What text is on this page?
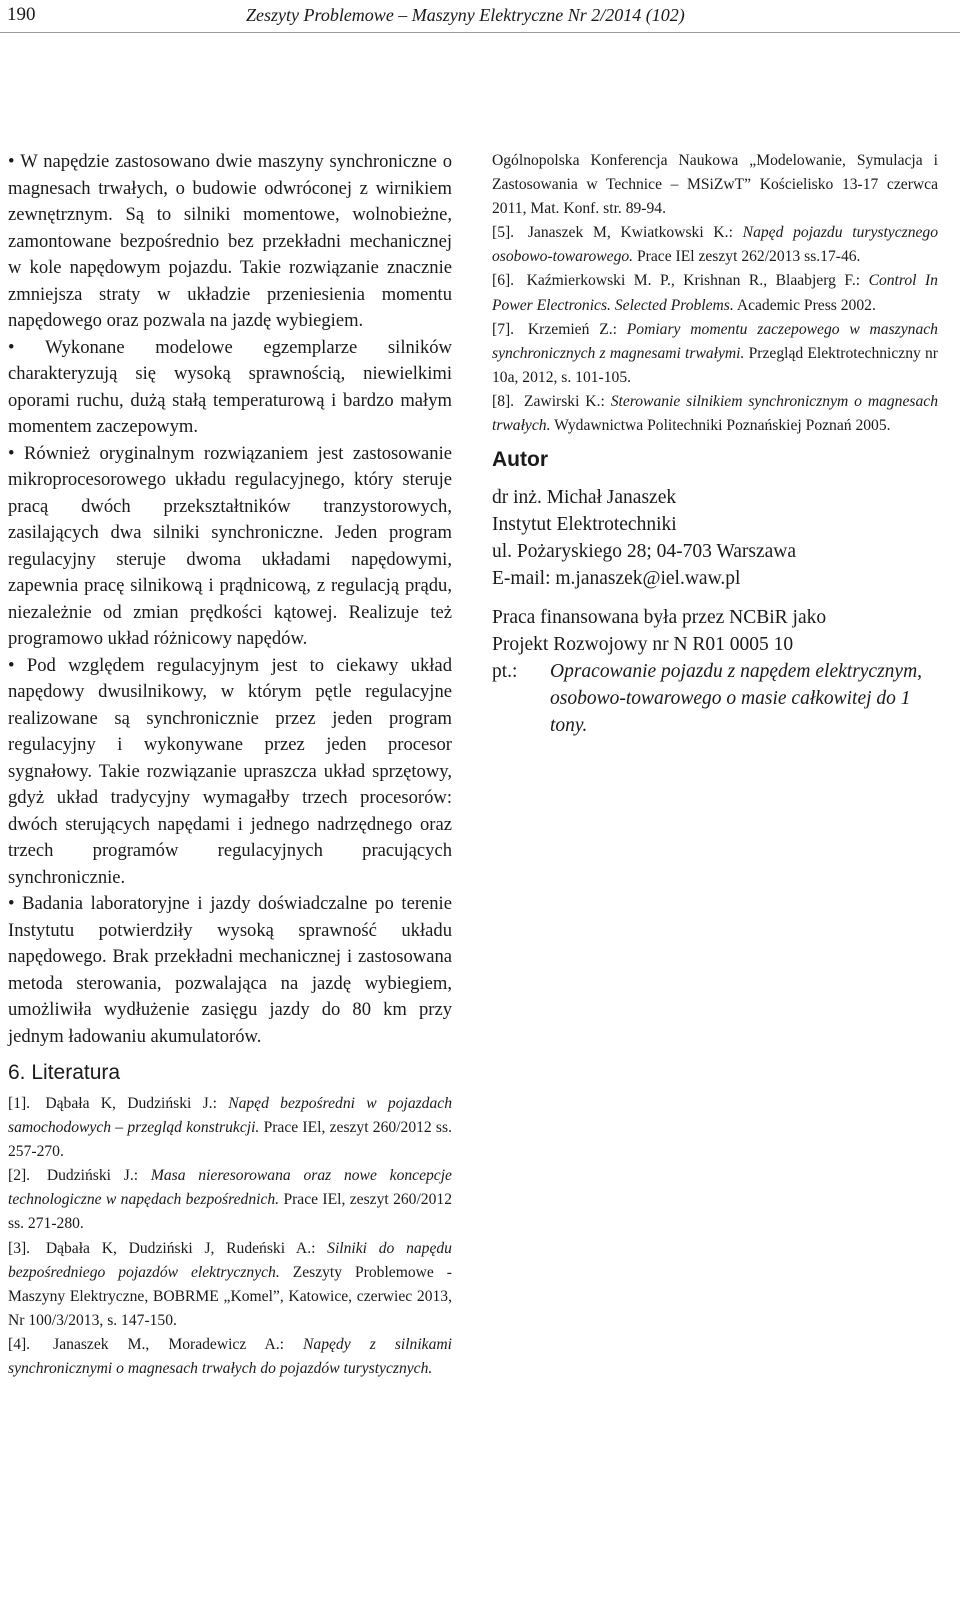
190	Zeszyty Problemowe – Maszyny Elektryczne Nr 2/2014 (102)

• W napędzie zastosowano dwie maszyny synchroniczne o magnesach trwałych, o budowie odwróconej z wirnikiem zewnętrznym. Są to silniki momentowe, wolnobieżne, zamontowane bezpośrednio bez przekładni mechanicznej w kole napędowym pojazdu. Takie rozwiązanie znacznie zmniejsza straty w układzie przeniesienia momentu napędowego oraz pozwala na jazdę wybiegiem.

• Wykonane modelowe egzemplarze silników charakteryzują się wysoką sprawnością, niewielkimi oporami ruchu, dużą stałą temperaturową i bardzo małym momentem zaczepowym.

• Również oryginalnym rozwiązaniem jest zastosowanie mikroprocesorowego układu regulacyjnego, który steruje pracą dwóch przekształtników tranzystorowych, zasilających dwa silniki synchroniczne. Jeden program regulacyjny steruje dwoma układami napędowymi, zapewnia pracę silnikową i prądnicową, z regulacją prądu, niezależnie od zmian prędkości kątowej. Realizuje też programowo układ różnicowy napędów.

• Pod względem regulacyjnym jest to ciekawy układ napędowy dwusilnikowy, w którym pętle regulacyjne realizowane są synchronicznie przez jeden program regulacyjny i wykonywane przez jeden procesor sygnałowy. Takie rozwiązanie upraszcza układ sprzętowy, gdyż układ tradycyjny wymagałby trzech procesorów: dwóch sterujących napędami i jednego nadrzędnego oraz trzech programów regulacyjnych pracujących synchronicznie.

• Badania laboratoryjne i jazdy doświadczalne po terenie Instytutu potwierdziły wysoką sprawność układu napędowego. Brak przekładni mechanicznej i zastosowana metoda sterowania, pozwalająca na jazdę wybiegiem, umożliwiła wydłużenie zasięgu jazdy do 80 km przy jednym ładowaniu akumulatorów.

6. Literatura

[1]. Dąbała K, Dudziński J.: Napęd bezpośredni w pojazdach samochodowych – przegląd konstrukcji. Prace IEl, zeszyt 260/2012 ss. 257-270.

[2]. Dudziński J.: Masa nieresorowana oraz nowe koncepcje technologiczne w napędach bezpośrednich. Prace IEl, zeszyt 260/2012 ss. 271-280.

[3]. Dąbała K, Dudziński J, Rudeński A.: Silniki do napędu bezpośredniego pojazdów elektrycznych. Zeszyty Problemowe - Maszyny Elektryczne, BOBRME „Komel”, Katowice, czerwiec 2013, Nr 100/3/2013, s. 147-150.

[4]. Janaszek M., Moradewicz A.: Napędy z silnikami synchronicznymi o magnesach trwałych do pojazdów turystycznych.

Ogólnopolska Konferencja Naukowa „Modelowanie, Symulacja i Zastosowania w Technice – MSiZwT” Kościelisko 13-17 czerwca 2011, Mat. Konf. str. 89-94.

[5]. Janaszek M, Kwiatkowski K.: Napęd pojazdu turystycznego osobowo-towarowego. Prace IEl zeszyt 262/2013 ss.17-46.

[6]. Kaźmierkowski M. P., Krishnan R., Blaabjerg F.: Control In Power Electronics. Selected Problems. Academic Press 2002.

[7]. Krzemień Z.: Pomiary momentu zaczepowego w maszynach synchronicznych z magnesami trwałymi. Przegląd Elektrotechniczny nr 10a, 2012, s. 101-105.

[8]. Zawirski K.: Sterowanie silnikiem synchronicznym o magnesach trwałych. Wydawnictwa Politechniki Poznańskiej Poznań 2005.

Autor

dr inż. Michał Janaszek

Instytut Elektrotechniki

ul. Pożaryskiego 28; 04-703 Warszawa

E-mail: m.janaszek@iel.waw.pl

Praca finansowana była przez NCBiR jako

Projekt Rozwojowy nr N R01 0005 10

pt.:	Opracowanie pojazdu z napędem elektrycznym, osobowo-towarowego o masie całkowitej do 1 tony.
